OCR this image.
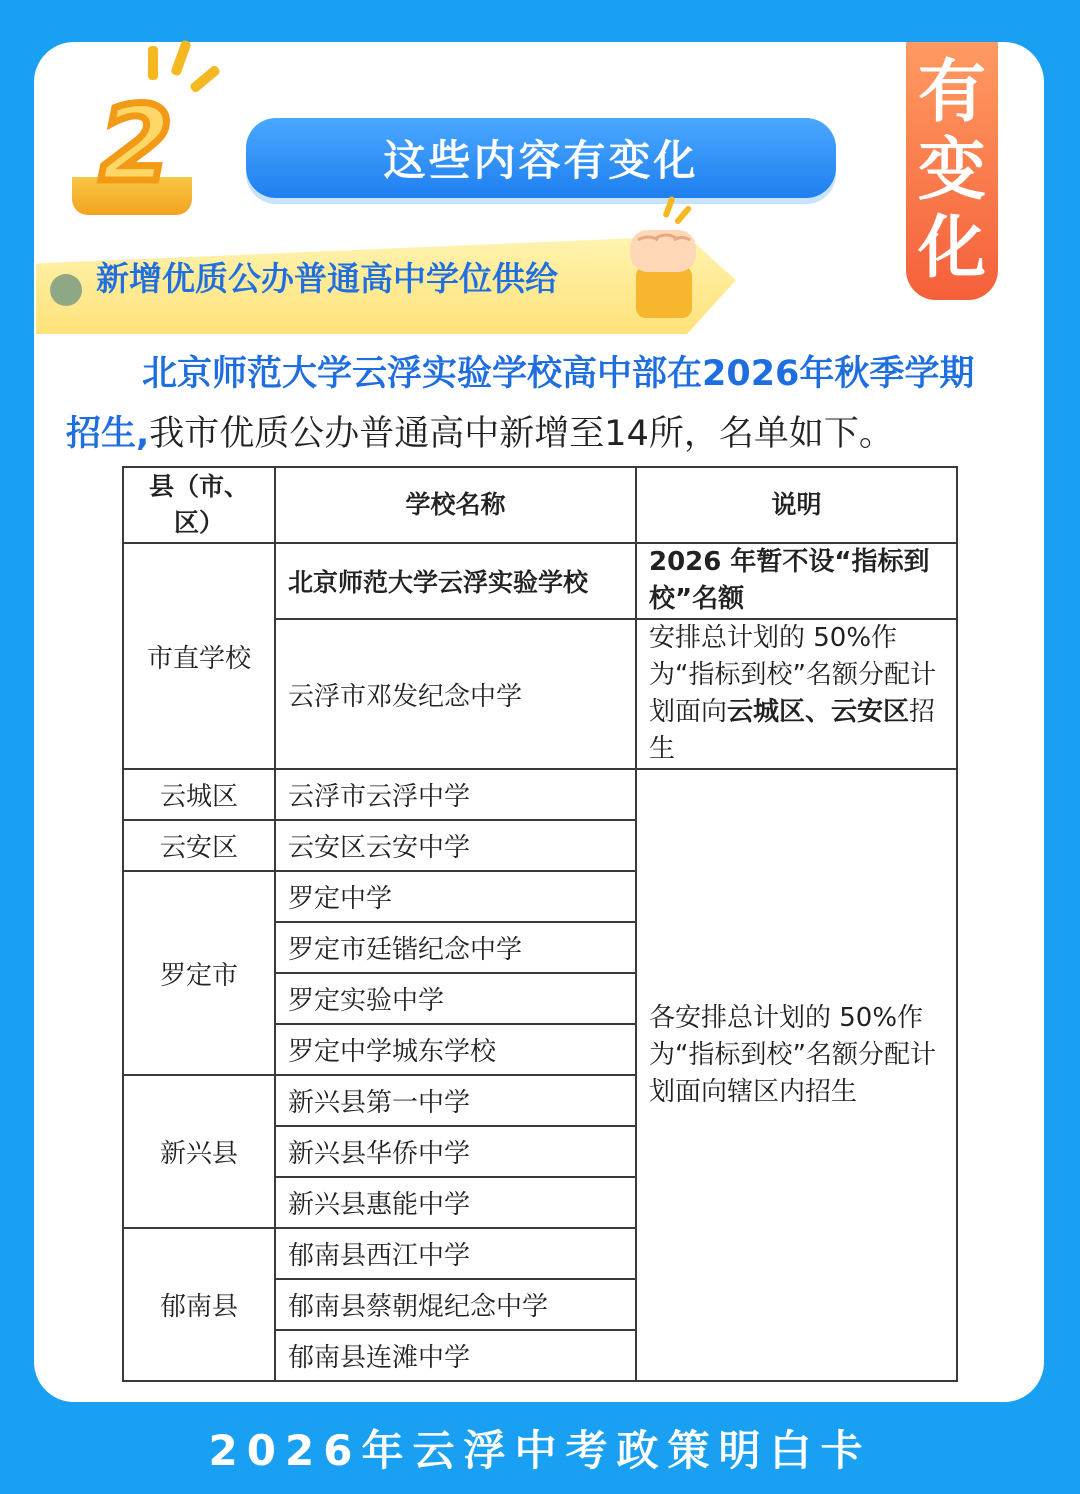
2	这些内容有变化
有
变
化
新增优质公办普通高中学位供给

北京师范大学云浮实验学校高中部在2026年秋季学期招生,我市优质公办普通高中新增至14所，名单如下。

县（市、区）	学校名称	说明
市直学校	北京师范大学云浮实验学校	2026 年暂不设“指标到校”名额
	云浮市邓发纪念中学	安排总计划的 50%作为“指标到校”名额分配计划面向云城区、云安区招生
云城区	云浮市云浮中学	各安排总计划的 50%作为“指标到校”名额分配计划面向辖区内招生
云安区	云安区云安中学	
罗定市	罗定中学	
	罗定市廷锴纪念中学	
	罗定实验中学	
	罗定中学城东学校	
新兴县	新兴县第一中学	
	新兴县华侨中学	
	新兴县惠能中学	
郁南县	郁南县西江中学	
	郁南县蔡朝焜纪念中学	
	郁南县连滩中学	
2026年云浮中考政策明白卡
